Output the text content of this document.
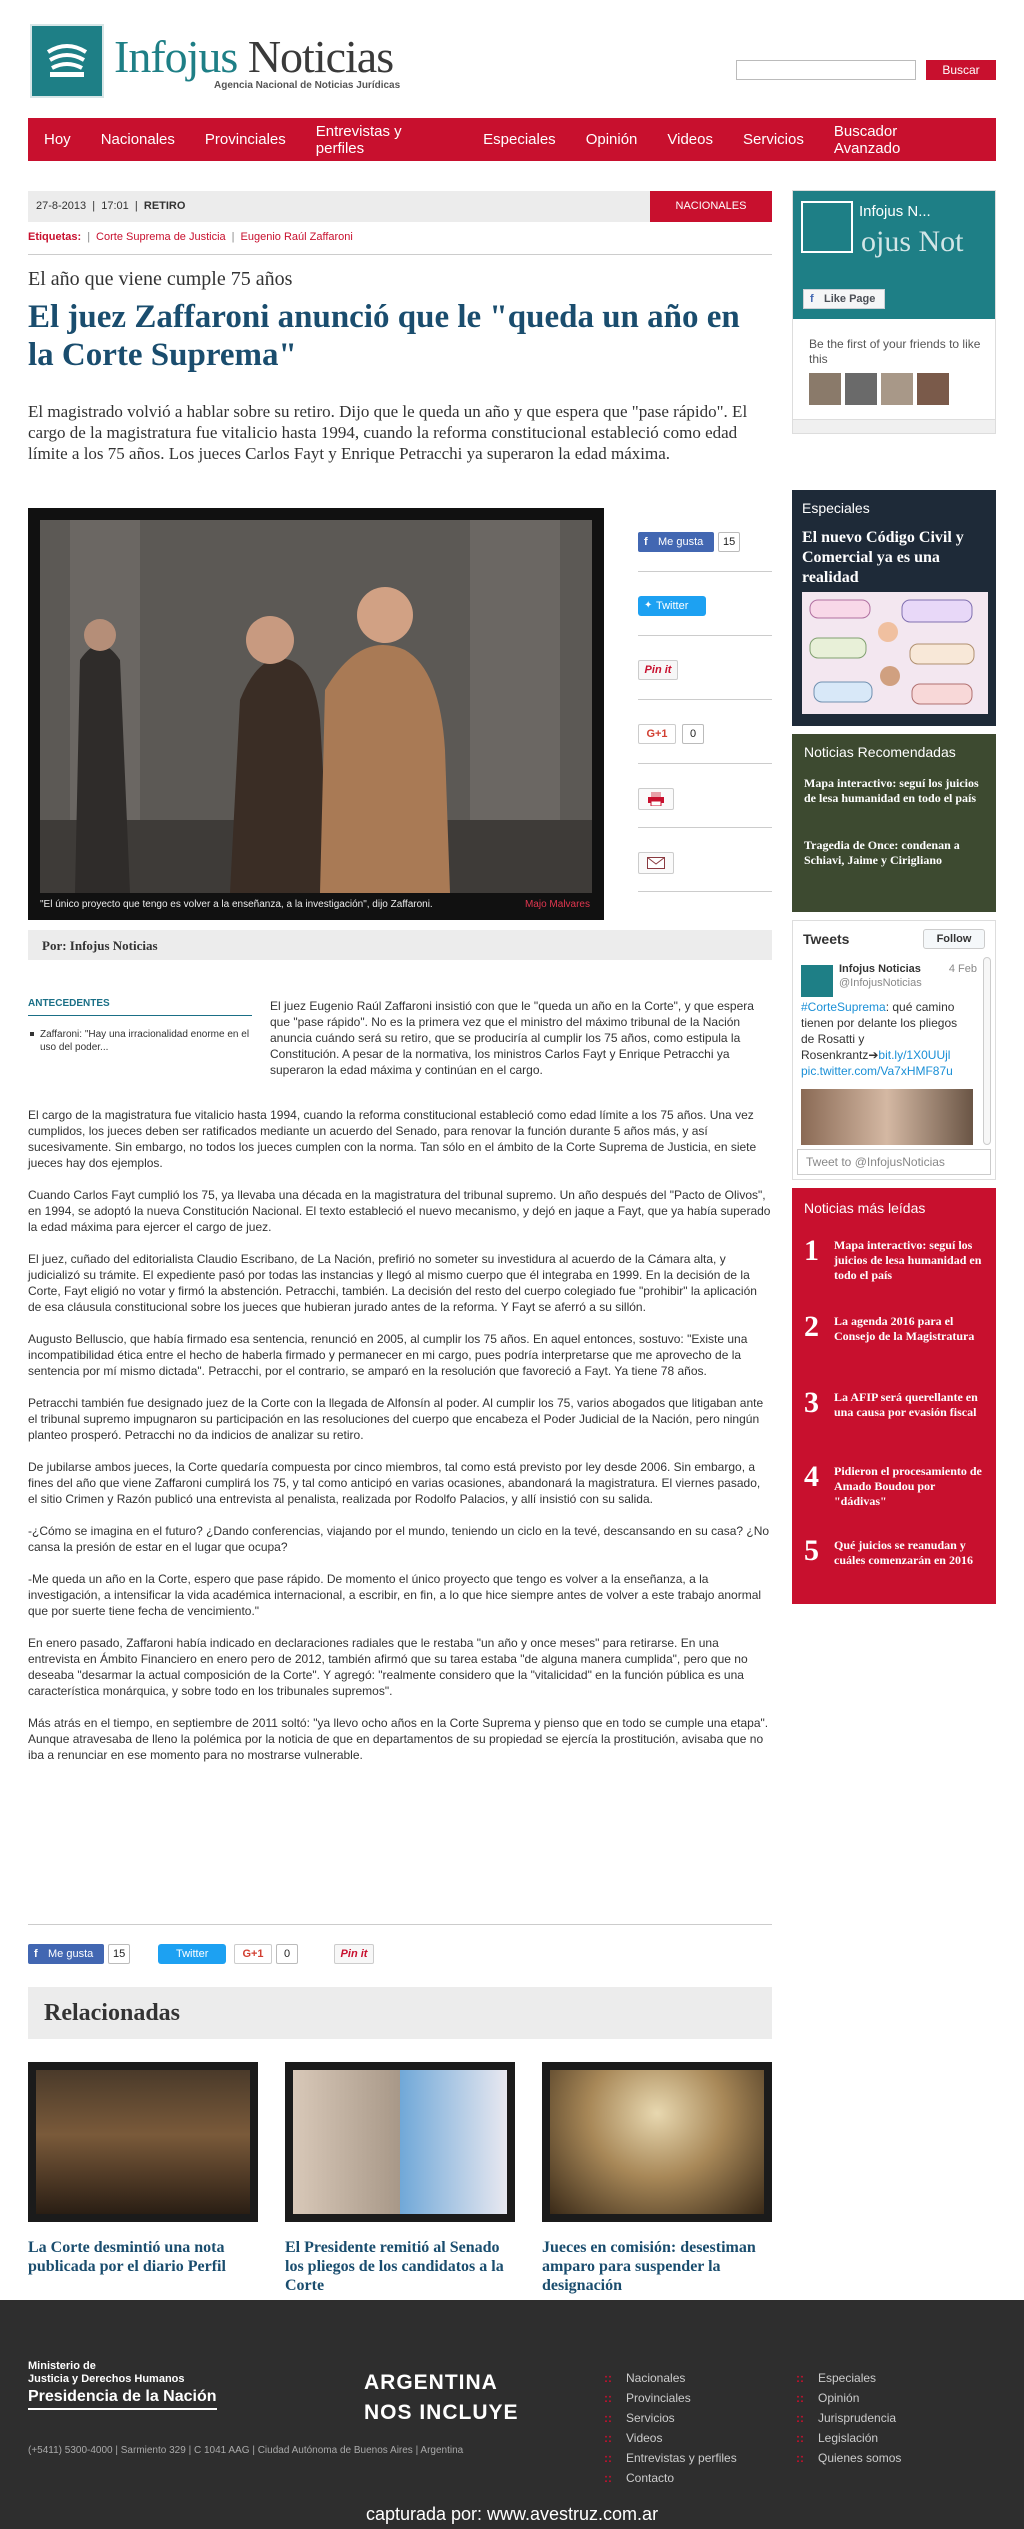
Infojus Noticias
Agencia Nacional de Noticias Jurídicas
Buscar
Hoy Nacionales Provinciales Entrevistas y perfiles	Especiales Opinión Videos Servicios Buscador Avanzado
27-8-2013  |  17:01  |  RETIRO	NACIONALES
Etiquetas: | Corte Suprema de Justicia | Eugenio Raúl Zaffaroni
El año que viene cumple 75 años
El juez Zaffaroni anunció que le "queda un año en la Corte Suprema"
El magistrado volvió a hablar sobre su retiro. Dijo que le queda un año y que espera que "pase rápido". El cargo de la magistratura fue vitalicio hasta 1994, cuando la reforma constitucional estableció como edad límite a los 75 años. Los jueces Carlos Fayt y Enrique Petracchi ya superaron la edad máxima.
"El único proyecto que tengo es volver a la enseñanza, a la investigación", dijo Zaffaroni.	Majo Malvares
f Me gusta	15
Twitter
✦
Pin it
G+1	0
Por: Infojus Noticias
ANTECEDENTES
Zaffaroni: "Hay una irracionalidad enorme en el uso del poder...
El juez Eugenio Raúl Zaffaroni insistió con que le "queda un año en la Corte", y que espera que "pase rápido". No es la primera vez que el ministro del máximo tribunal de la Nación anuncia cuándo será su retiro, que se produciría al cumplir los 75 años, como estipula la Constitución. A pesar de la normativa, los ministros Carlos Fayt y Enrique Petracchi ya superaron la edad máxima y continúan en el cargo.

El cargo de la magistratura fue vitalicio hasta 1994, cuando la reforma constitucional estableció como edad límite a los 75 años. Una vez cumplidos, los jueces deben ser ratificados mediante un acuerdo del Senado, para renovar la función durante 5 años más, y así sucesivamente. Sin embargo, no todos los jueces cumplen con la norma. Tan sólo en el ámbito de la Corte Suprema de Justicia, en siete jueces hay dos ejemplos.

Cuando Carlos Fayt cumplió los 75, ya llevaba una década en la magistratura del tribunal supremo. Un año después del "Pacto de Olivos", en 1994, se adoptó la nueva Constitución Nacional. El texto estableció el nuevo mecanismo, y dejó en jaque a Fayt, que ya había superado la edad máxima para ejercer el cargo de juez.

El juez, cuñado del editorialista Claudio Escribano, de La Nación, prefirió no someter su investidura al acuerdo de la Cámara alta, y judicializó su trámite. El expediente pasó por todas las instancias y llegó al mismo cuerpo que él integraba en 1999. En la decisión de la Corte, Fayt eligió no votar y firmó la abstención. Petracchi, también. La decisión del resto del cuerpo colegiado fue "prohibir" la aplicación de esa cláusula constitucional sobre los jueces que hubieran jurado antes de la reforma. Y Fayt se aferró a su sillón.

Augusto Belluscio, que había firmado esa sentencia, renunció en 2005, al cumplir los 75 años. En aquel entonces, sostuvo: "Existe una incompatibilidad ética entre el hecho de haberla firmado y permanecer en mi cargo, pues podría interpretarse que me aprovecho de la sentencia por mí mismo dictada". Petracchi, por el contrario, se amparó en la resolución que favoreció a Fayt. Ya tiene 78 años.

Petracchi también fue designado juez de la Corte con la llegada de Alfonsín al poder. Al cumplir los 75, varios abogados que litigaban ante el tribunal supremo impugnaron su participación en las resoluciones del cuerpo que encabeza el Poder Judicial de la Nación, pero ningún planteo prosperó. Petracchi no da indicios de analizar su retiro.

De jubilarse ambos jueces, la Corte quedaría compuesta por cinco miembros, tal como está previsto por ley desde 2006. Sin embargo, a fines del año que viene Zaffaroni cumplirá los 75, y tal como anticipó en varias ocasiones, abandonará la magistratura. El viernes pasado, el sitio Crimen y Razón publicó una entrevista al penalista, realizada por Rodolfo Palacios, y allí insistió con su salida.

-¿Cómo se imagina en el futuro? ¿Dando conferencias, viajando por el mundo, teniendo un ciclo en la tevé, descansando en su casa? ¿No cansa la presión de estar en el lugar que ocupa?

-Me queda un año en la Corte, espero que pase rápido. De momento el único proyecto que tengo es volver a la enseñanza, a la investigación, a intensificar la vida académica internacional, a escribir, en fin, a lo que hice siempre antes de volver a este trabajo anormal que por suerte tiene fecha de vencimiento."

En enero pasado, Zaffaroni había indicado en declaraciones radiales que le restaba "un año y once meses" para retirarse. En una entrevista en Ámbito Financiero en enero pero de 2012, también afirmó que su tarea estaba "de alguna manera cumplida", pero que no deseaba "desarmar la actual composición de la Corte". Y agregó: "realmente considero que la "vitalicidad" en la función pública es una característica monárquica, y sobre todo en los tribunales supremos".

Más atrás en el tiempo, en septiembre de 2011 soltó: "ya llevo ocho años en la Corte Suprema y pienso que en todo se cumple una etapa". Aunque atravesaba de lleno la polémica por la noticia de que en departamentos de su propiedad se ejercía la prostitución, avisaba que no iba a renunciar en ese momento para no mostrarse vulnerable.

f Me gusta	15	Twitter	G+1	0	Pin it
Relacionadas
La Corte desmintió una nota publicada por el diario Perfil
El Presidente remitió al Senado los pliegos de los candidatos a la Corte
Jueces en comisión: desestiman amparo para suspender la designación
Infojus N...
ojus Not
f Like Page
Be the first of your friends to like this
Especiales
El nuevo Código Civil y Comercial ya es una realidad
Noticias Recomendadas
Mapa interactivo: seguí los juicios de lesa humanidad en todo el país
Tragedia de Once: condenan a Schiavi, Jaime y Cirigliano
Tweets	Follow
Infojus Noticias
@InfojusNoticias
4 Feb
#CorteSuprema: qué camino tienen por delante los pliegos de Rosatti y Rosenkrantz➔bit.ly/1X0UUjl pic.twitter.com/Va7xHMF87u
Tweet to @InfojusNoticias
Noticias más leídas
1 Mapa interactivo: seguí los juicios de lesa humanidad en todo el país
2 La agenda 2016 para el Consejo de la Magistratura
3 La AFIP será querellante en una causa por evasión fiscal
4 Pidieron el procesamiento de Amado Boudou por "dádivas"
5 Qué juicios se reanudan y cuáles comenzarán en 2016
Ministerio de
Justicia y Derechos Humanos
Presidencia de la Nación
(+5411) 5300-4000 | Sarmiento 329 | C 1041 AAG | Ciudad Autónoma de Buenos Aires | Argentina
ARGENTINA
NOS INCLUYE
:: Nacionales
:: Provinciales
:: Servicios
:: Videos
:: Entrevistas y perfiles
:: Contacto
:: Especiales
:: Opinión
:: Jurisprudencia
:: Legislación
:: Quienes somos
capturada por: www.avestruz.com.ar
